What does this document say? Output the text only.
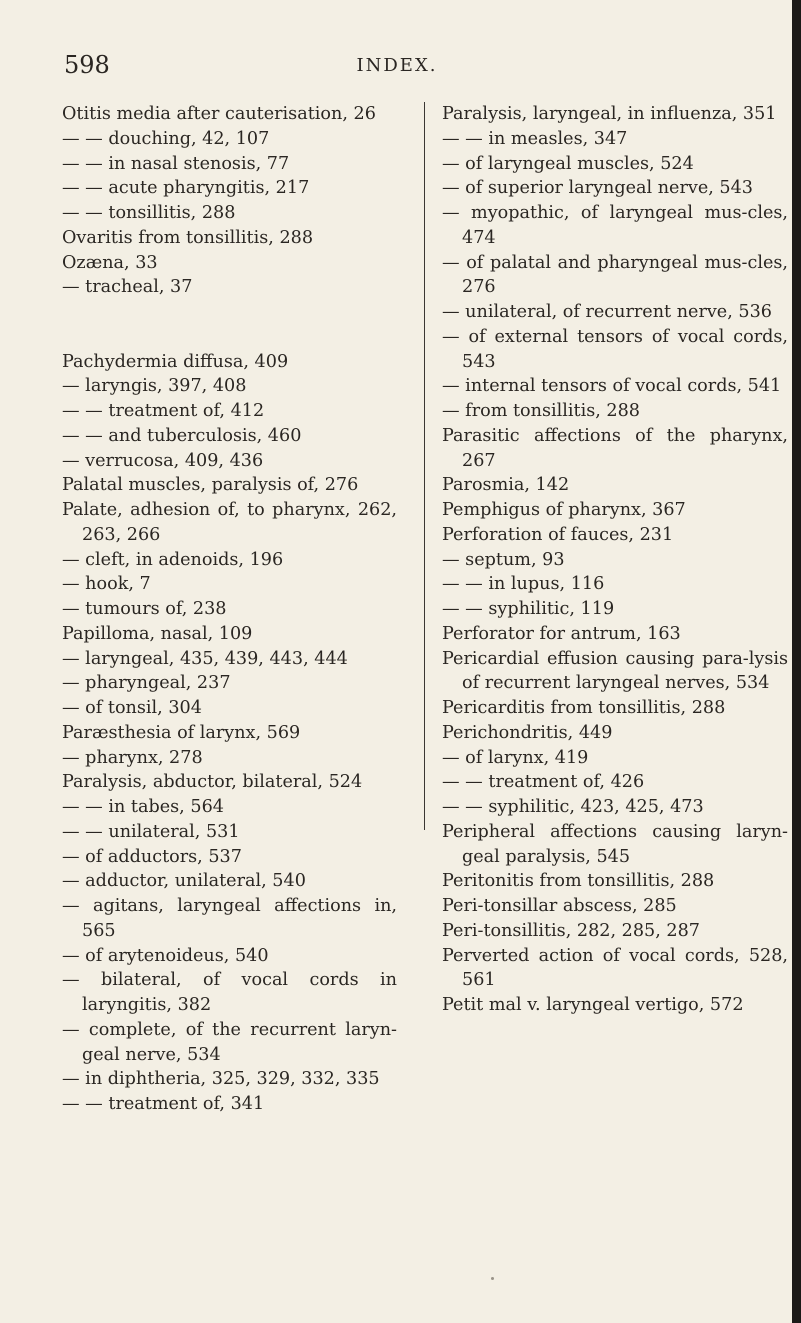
598	INDEX.
Otitis media after cauterisation, 26
— — douching, 42, 107
— — in nasal stenosis, 77
— — acute pharyngitis, 217
— — tonsillitis, 288
Ovaritis from tonsillitis, 288
Ozæna, 33
— tracheal, 37
Pachydermia diffusa, 409
— laryngis, 397, 408
— — treatment of, 412
— — and tuberculosis, 460
— verrucosa, 409, 436
Palatal muscles, paralysis of, 276
Palate, adhesion of, to pharynx, 262, 263, 266
— cleft, in adenoids, 196
— hook, 7
— tumours of, 238
Papilloma, nasal, 109
— laryngeal, 435, 439, 443, 444
— pharyngeal, 237
— of tonsil, 304
Paræsthesia of larynx, 569
— pharynx, 278
Paralysis, abductor, bilateral, 524
— — in tabes, 564
— — unilateral, 531
— of adductors, 537
— adductor, unilateral, 540
— agitans, laryngeal affections in, 565
— of arytenoideus, 540
— bilateral, of vocal cords in laryngitis, 382
— complete, of the recurrent laryn-geal nerve, 534
— in diphtheria, 325, 329, 332, 335
— — treatment of, 341
Paralysis, laryngeal, in influenza, 351
— — in measles, 347
— of laryngeal muscles, 524
— of superior laryngeal nerve, 543
— myopathic, of laryngeal mus-cles, 474
— of palatal and pharyngeal mus-cles, 276
— unilateral, of recurrent nerve, 536
— of external tensors of vocal cords, 543
— internal tensors of vocal cords, 541
— from tonsillitis, 288
Parasitic affections of the pharynx, 267
Parosmia, 142
Pemphigus of pharynx, 367
Perforation of fauces, 231
— septum, 93
— — in lupus, 116
— — syphilitic, 119
Perforator for antrum, 163
Pericardial effusion causing para-lysis of recurrent laryngeal nerves, 534
Pericarditis from tonsillitis, 288
Perichondritis, 449
— of larynx, 419
— — treatment of, 426
— — syphilitic, 423, 425, 473
Peripheral affections causing laryn-geal paralysis, 545
Peritonitis from tonsillitis, 288
Peri-tonsillar abscess, 285
Peri-tonsillitis, 282, 285, 287
Perverted action of vocal cords, 528, 561
Petit mal v. laryngeal vertigo, 572
